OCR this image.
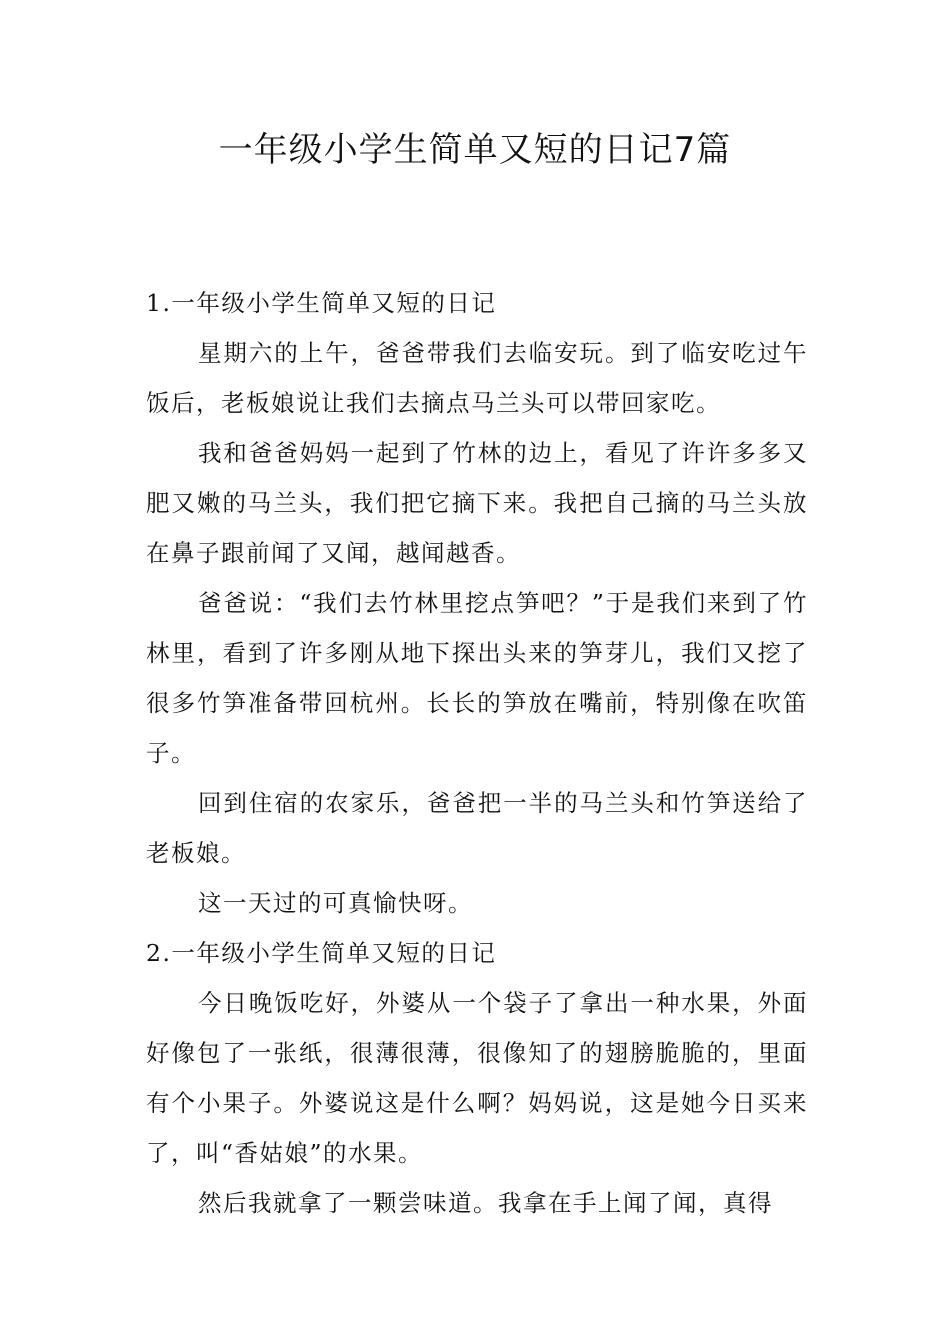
一年级小学生简单又短的日记7篇
1.一年级小学生简单又短的日记

星期六的上午，爸爸带我们去临安玩。到了临安吃过午饭后，老板娘说让我们去摘点马兰头可以带回家吃。

我和爸爸妈妈一起到了竹林的边上，看见了许许多多又肥又嫩的马兰头，我们把它摘下来。我把自己摘的马兰头放在鼻子跟前闻了又闻，越闻越香。

爸爸说：“我们去竹林里挖点笋吧？”于是我们来到了竹林里，看到了许多刚从地下探出头来的笋芽儿，我们又挖了很多竹笋准备带回杭州。长长的笋放在嘴前，特别像在吹笛子。

回到住宿的农家乐，爸爸把一半的马兰头和竹笋送给了老板娘。

这一天过的可真愉快呀。

2.一年级小学生简单又短的日记

今日晚饭吃好，外婆从一个袋子了拿出一种水果，外面好像包了一张纸，很薄很薄，很像知了的翅膀脆脆的，里面有个小果子。外婆说这是什么啊？妈妈说，这是她今日买来了，叫“香姑娘”的水果。

然后我就拿了一颗尝味道。我拿在手上闻了闻，真得
